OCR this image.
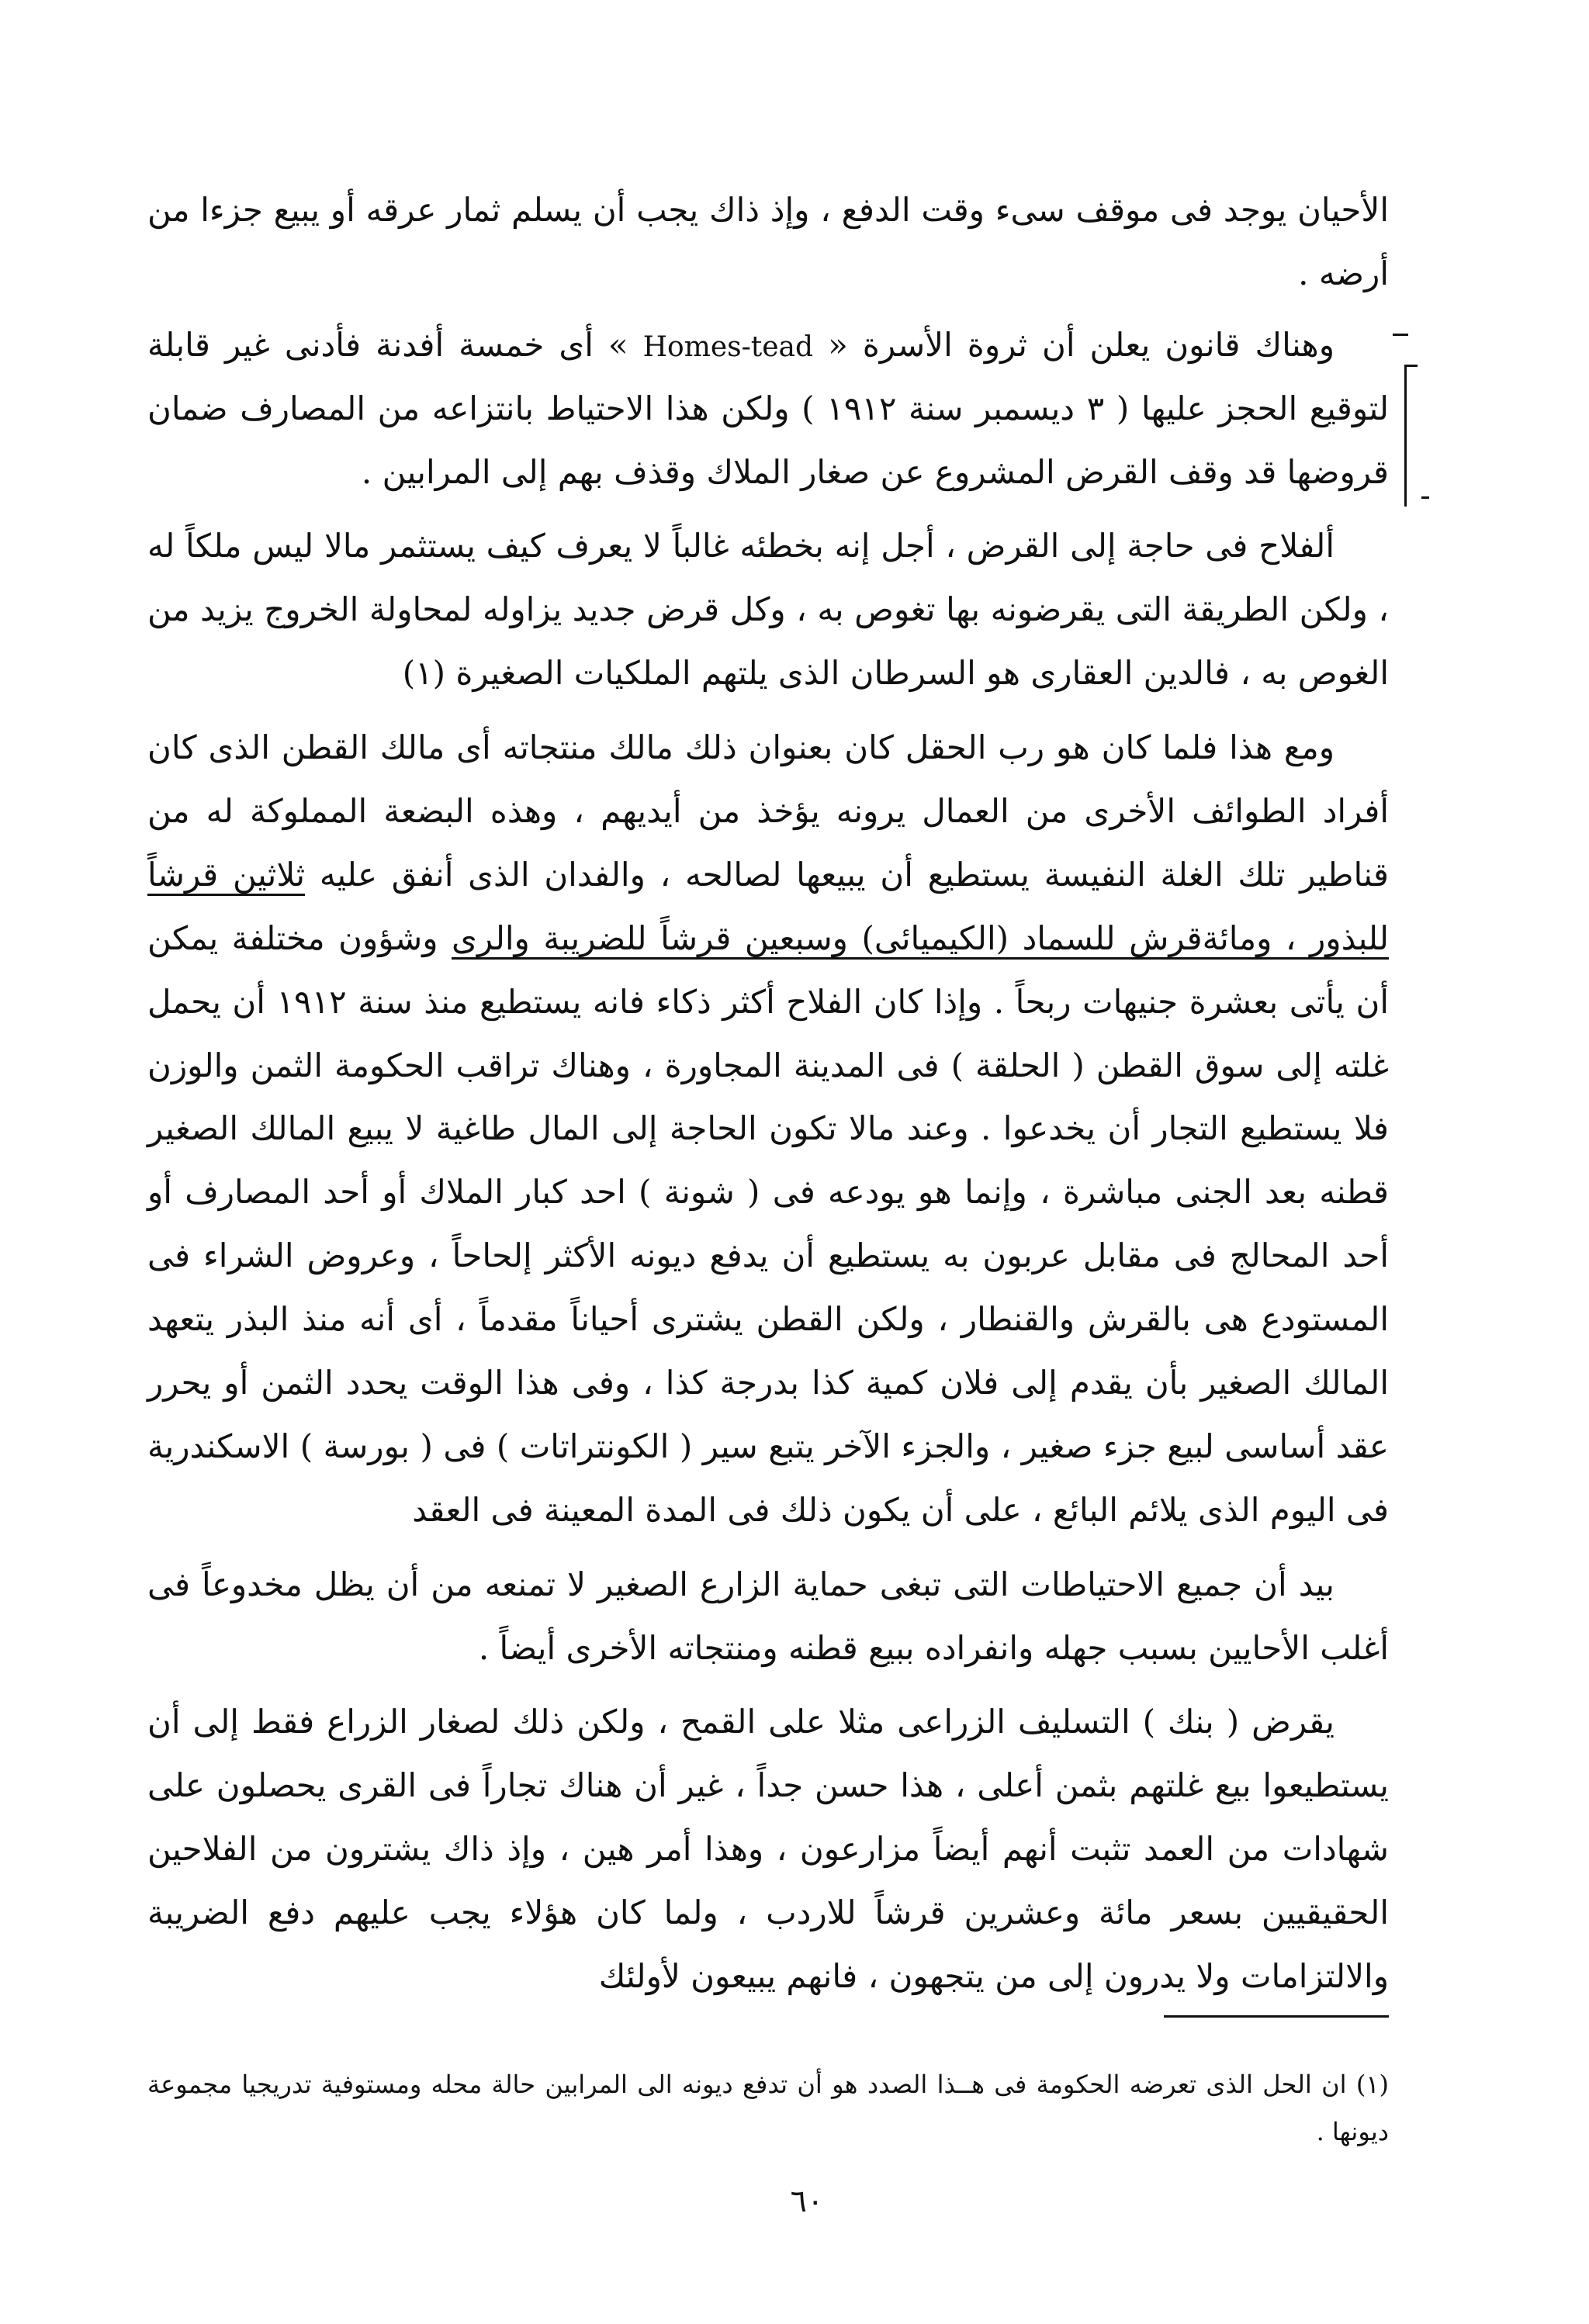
الأحيان يوجد فى موقف سىء وقت الدفع ، وإذ ذاك يجب أن يسلم ثمار عرقه أو يبيع جزءا من أرضه .

وهناك قانون يعلن أن ثروة الأسرة « Homes-tead » أى خمسة أفدنة فأدنى غير قابلة لتوقيع الحجز عليها ( ٣ ديسمبر سنة ١٩١٢ ) ولكن هذا الاحتياط بانتزاعه من المصارف ضمان قروضها قد وقف القرض المشروع عن صغار الملاك وقذف بهم إلى المرابين .

ألفلاح فى حاجة إلى القرض ، أجل إنه بخطئه غالباً لا يعرف كيف يستثمر مالا ليس ملكاً له ، ولكن الطريقة التى يقرضونه بها تغوص به ، وكل قرض جديد يزاوله لمحاولة الخروج يزيد من الغوص به ، فالدين العقارى هو السرطان الذى يلتهم الملكيات الصغيرة (١)

ومع هذا فلما كان هو رب الحقل كان بعنوان ذلك مالك منتجاته أى مالك القطن الذى كان أفراد الطوائف الأخرى من العمال يرونه يؤخذ من أيديهم ، وهذه البضعة المملوكة له من قناطير تلك الغلة النفيسة يستطيع أن يبيعها لصالحه ، والفدان الذى أنفق عليه ثلاثين قرشاً للبذور ، ومائةقرش للسماد (الكيميائى) وسبعين قرشاً للضريبة والرى وشؤون مختلفة يمكن أن يأتى بعشرة جنيهات ربحاً . وإذا كان الفلاح أكثر ذكاء فانه يستطيع منذ سنة ١٩١٢ أن يحمل غلته إلى سوق القطن ( الحلقة ) فى المدينة المجاورة ، وهناك تراقب الحكومة الثمن والوزن فلا يستطيع التجار أن يخدعوا . وعند مالا تكون الحاجة إلى المال طاغية لا يبيع المالك الصغير قطنه بعد الجنى مباشرة ، وإنما هو يودعه فى ( شونة ) احد كبار الملاك أو أحد المصارف أو أحد المحالج فى مقابل عربون به يستطيع أن يدفع ديونه الأكثر إلحاحاً ، وعروض الشراء فى المستودع هى بالقرش والقنطار ، ولكن القطن يشترى أحياناً مقدماً ، أى أنه منذ البذر يتعهد المالك الصغير بأن يقدم إلى فلان كمية كذا بدرجة كذا ، وفى هذا الوقت يحدد الثمن أو يحرر عقد أساسى لبيع جزء صغير ، والجزء الآخر يتبع سير ( الكونتراتات ) فى ( بورسة ) الاسكندرية فى اليوم الذى يلائم البائع ، على أن يكون ذلك فى المدة المعينة فى العقد

بيد أن جميع الاحتياطات التى تبغى حماية الزارع الصغير لا تمنعه من أن يظل مخدوعاً فى أغلب الأحايين بسبب جهله وانفراده ببيع قطنه ومنتجاته الأخرى أيضاً .

يقرض ( بنك ) التسليف الزراعى مثلا على القمح ، ولكن ذلك لصغار الزراع فقط إلى أن يستطيعوا بيع غلتهم بثمن أعلى ، هذا حسن جداً ، غير أن هناك تجاراً فى القرى يحصلون على شهادات من العمد تثبت أنهم أيضاً مزارعون ، وهذا أمر هين ، وإذ ذاك يشترون من الفلاحين الحقيقيين بسعر مائة وعشرين قرشاً للاردب ، ولما كان هؤلاء يجب عليهم دفع الضريبة والالتزامات ولا يدرون إلى من يتجهون ، فانهم يبيعون لأولئك

(١) ان الحل الذى تعرضه الحكومة فى هــذا الصدد هو أن تدفع ديونه الى المرابين حالة محله ومستوفية تدريجيا مجموعة ديونها .

٦٠
